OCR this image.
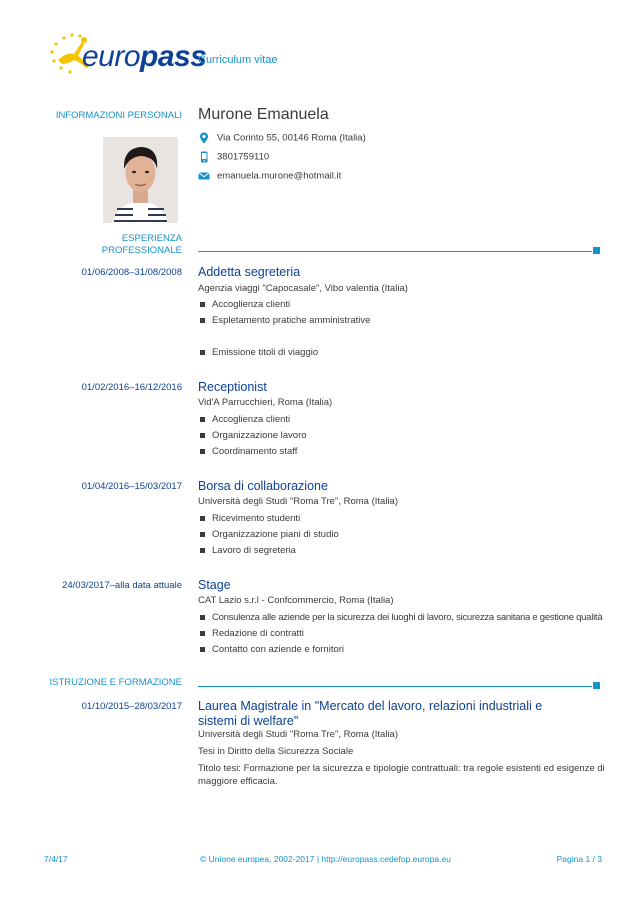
europass
Curriculum vitae
INFORMAZIONI PERSONALI Murone Emanuela
Via Corinto 55, 00146 Roma (Italia)
3801759110
emanuela.murone@hotmail.it
ESPERIENZA
PROFESSIONALE
01/06/2008–31/08/2008 Addetta segreteria
Agenzia viaggi "Capocasale", Vibo valentia (Italia)
Accoglienza clienti
Espletamento pratiche amministrative
Emissione titoli di viaggio
01/02/2016–16/12/2016 Receptionist
Vid'A Parrucchieri, Roma (Italia)
Accoglienza clienti
Organizzazione lavoro
Coordinamento staff
01/04/2016–15/03/2017 Borsa di collaborazione
Università degli Studi "Roma Tre", Roma (Italia)
Ricevimento studenti
Organizzazione piani di studio
Lavoro di segreteria
24/03/2017–alla data attuale Stage
CAT Lazio s.r.l - Confcommercio, Roma (Italia)
Consulenza alle aziende per la sicurezza dei luoghi di lavoro, sicurezza sanitaria e gestione qualità
Redazione di contratti
Contatto con aziende e fornitori
ISTRUZIONE E FORMAZIONE
01/10/2015–28/03/2017 Laurea Magistrale in "Mercato del lavoro, relazioni industriali e
sistemi di welfare"
Università degli Studi "Roma Tre", Roma (Italia)
Tesi in Diritto della Sicurezza Sociale
Titolo tesi: Formazione per la sicurezza e tipologie contrattuali: tra regole esistenti ed esigenze di
maggiore efficacia.
7/4/17	© Unione europea, 2002-2017 | http://europass.cedefop.europa.eu	Pagina 1 / 3
